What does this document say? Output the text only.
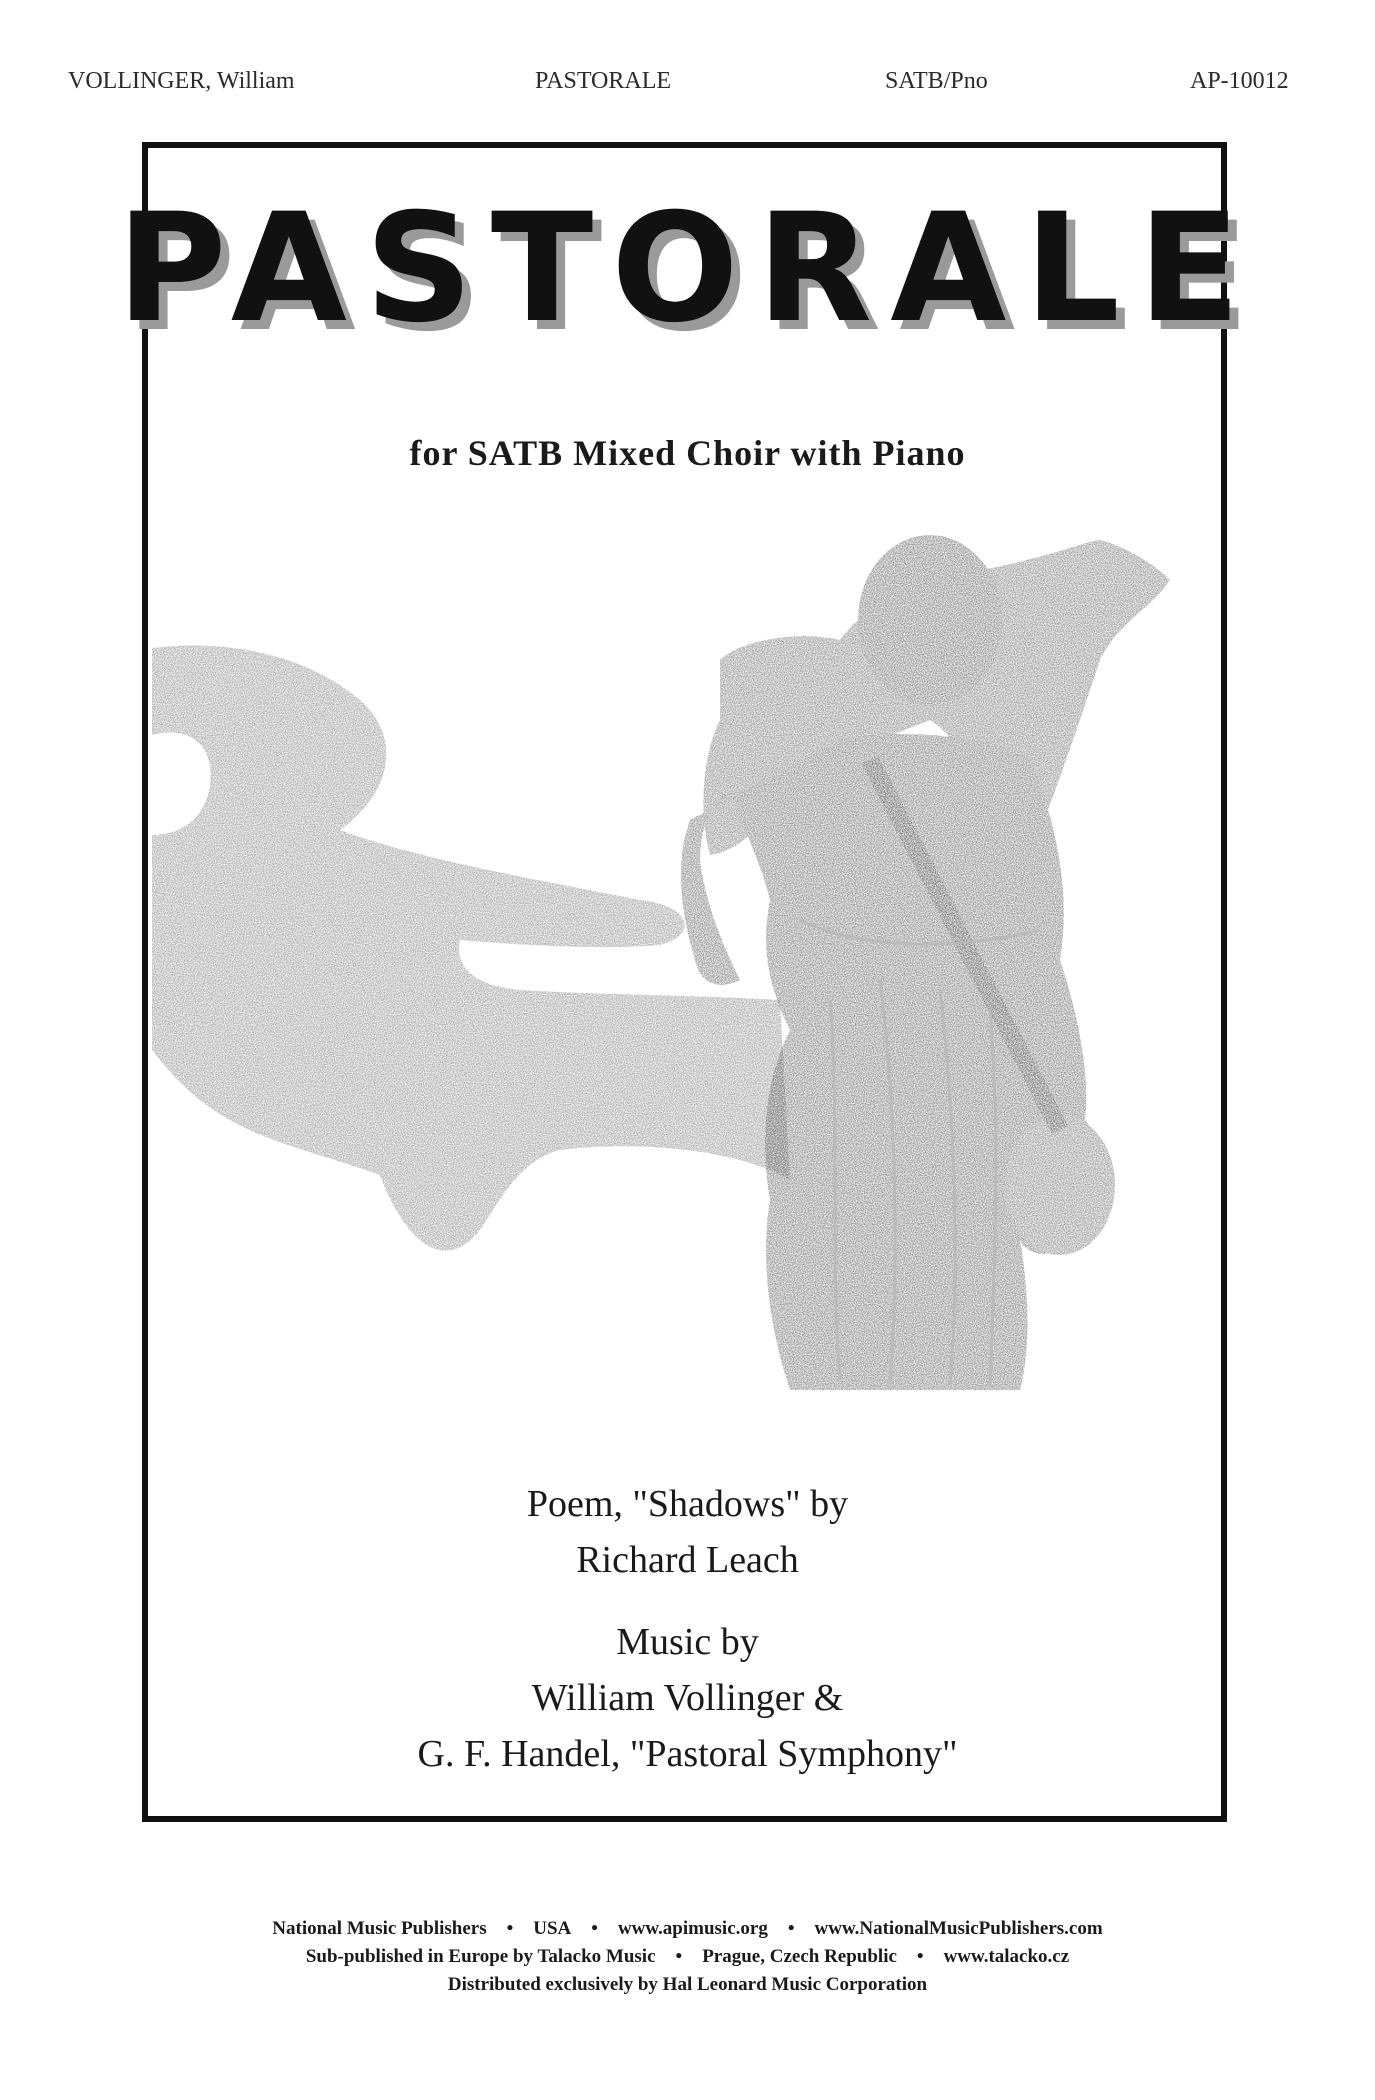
VOLLINGER, William	PASTORALE	SATB/Pno	AP-10012
PASTORALE
for SATB Mixed Choir with Piano
Poem, "Shadows" by
Richard Leach
Music by
William Vollinger &
G. F. Handel, "Pastoral Symphony"
National Music Publishers • USA • www.apimusic.org • www.NationalMusicPublishers.com
Sub-published in Europe by Talacko Music • Prague, Czech Republic • www.talacko.cz
Distributed exclusively by Hal Leonard Music Corporation
